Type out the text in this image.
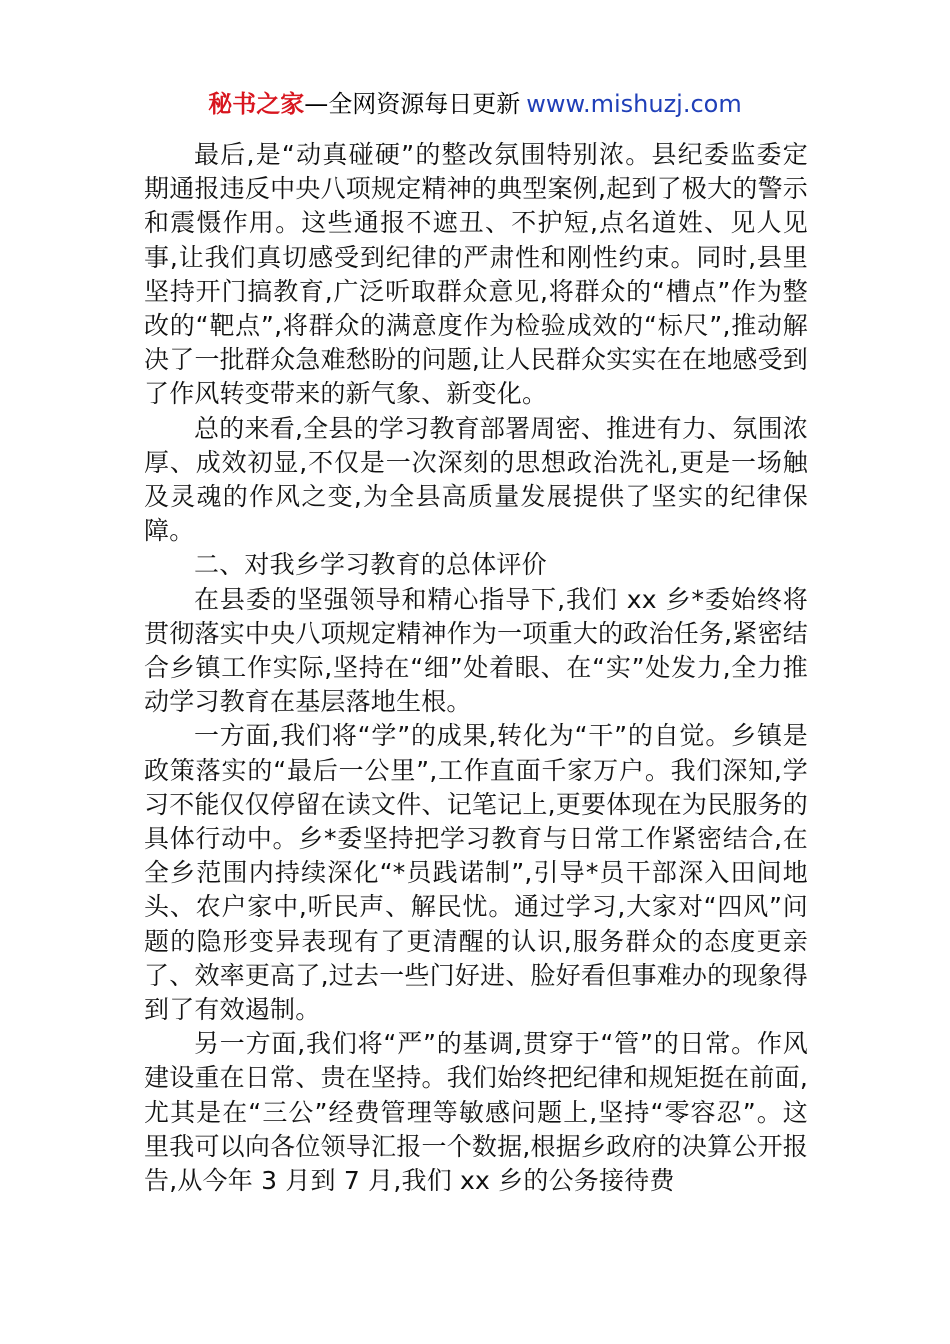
秘书之家—全网资源每日更新 www.mishuzj.com

最后,是“动真碰硬”的整改氛围特别浓。县纪委监委定期通报违反中央八项规定精神的典型案例,起到了极大的警示和震慑作用。这些通报不遮丑、不护短,点名道姓、见人见事,让我们真切感受到纪律的严肃性和刚性约束。同时,县里坚持开门搞教育,广泛听取群众意见,将群众的“槽点”作为整改的“靶点”,将群众的满意度作为检验成效的“标尺”,推动解决了一批群众急难愁盼的问题,让人民群众实实在在地感受到了作风转变带来的新气象、新变化。

总的来看,全县的学习教育部署周密、推进有力、氛围浓厚、成效初显,不仅是一次深刻的思想政治洗礼,更是一场触及灵魂的作风之变,为全县高质量发展提供了坚实的纪律保障。

二、对我乡学习教育的总体评价

在县委的坚强领导和精心指导下,我们 xx 乡*委始终将贯彻落实中央八项规定精神作为一项重大的政治任务,紧密结合乡镇工作实际,坚持在“细”处着眼、在“实”处发力,全力推动学习教育在基层落地生根。

一方面,我们将“学”的成果,转化为“干”的自觉。乡镇是政策落实的“最后一公里”,工作直面千家万户。我们深知,学习不能仅仅停留在读文件、记笔记上,更要体现在为民服务的具体行动中。乡*委坚持把学习教育与日常工作紧密结合,在全乡范围内持续深化“*员践诺制”,引导*员干部深入田间地头、农户家中,听民声、解民忧。通过学习,大家对“四风”问题的隐形变异表现有了更清醒的认识,服务群众的态度更亲了、效率更高了,过去一些门好进、脸好看但事难办的现象得到了有效遏制。

另一方面,我们将“严”的基调,贯穿于“管”的日常。作风建设重在日常、贵在坚持。我们始终把纪律和规矩挺在前面,尤其是在“三公”经费管理等敏感问题上,坚持“零容忍”。这里我可以向各位领导汇报一个数据,根据乡政府的决算公开报告,从今年 3 月到 7 月,我们 xx 乡的公务接待费
